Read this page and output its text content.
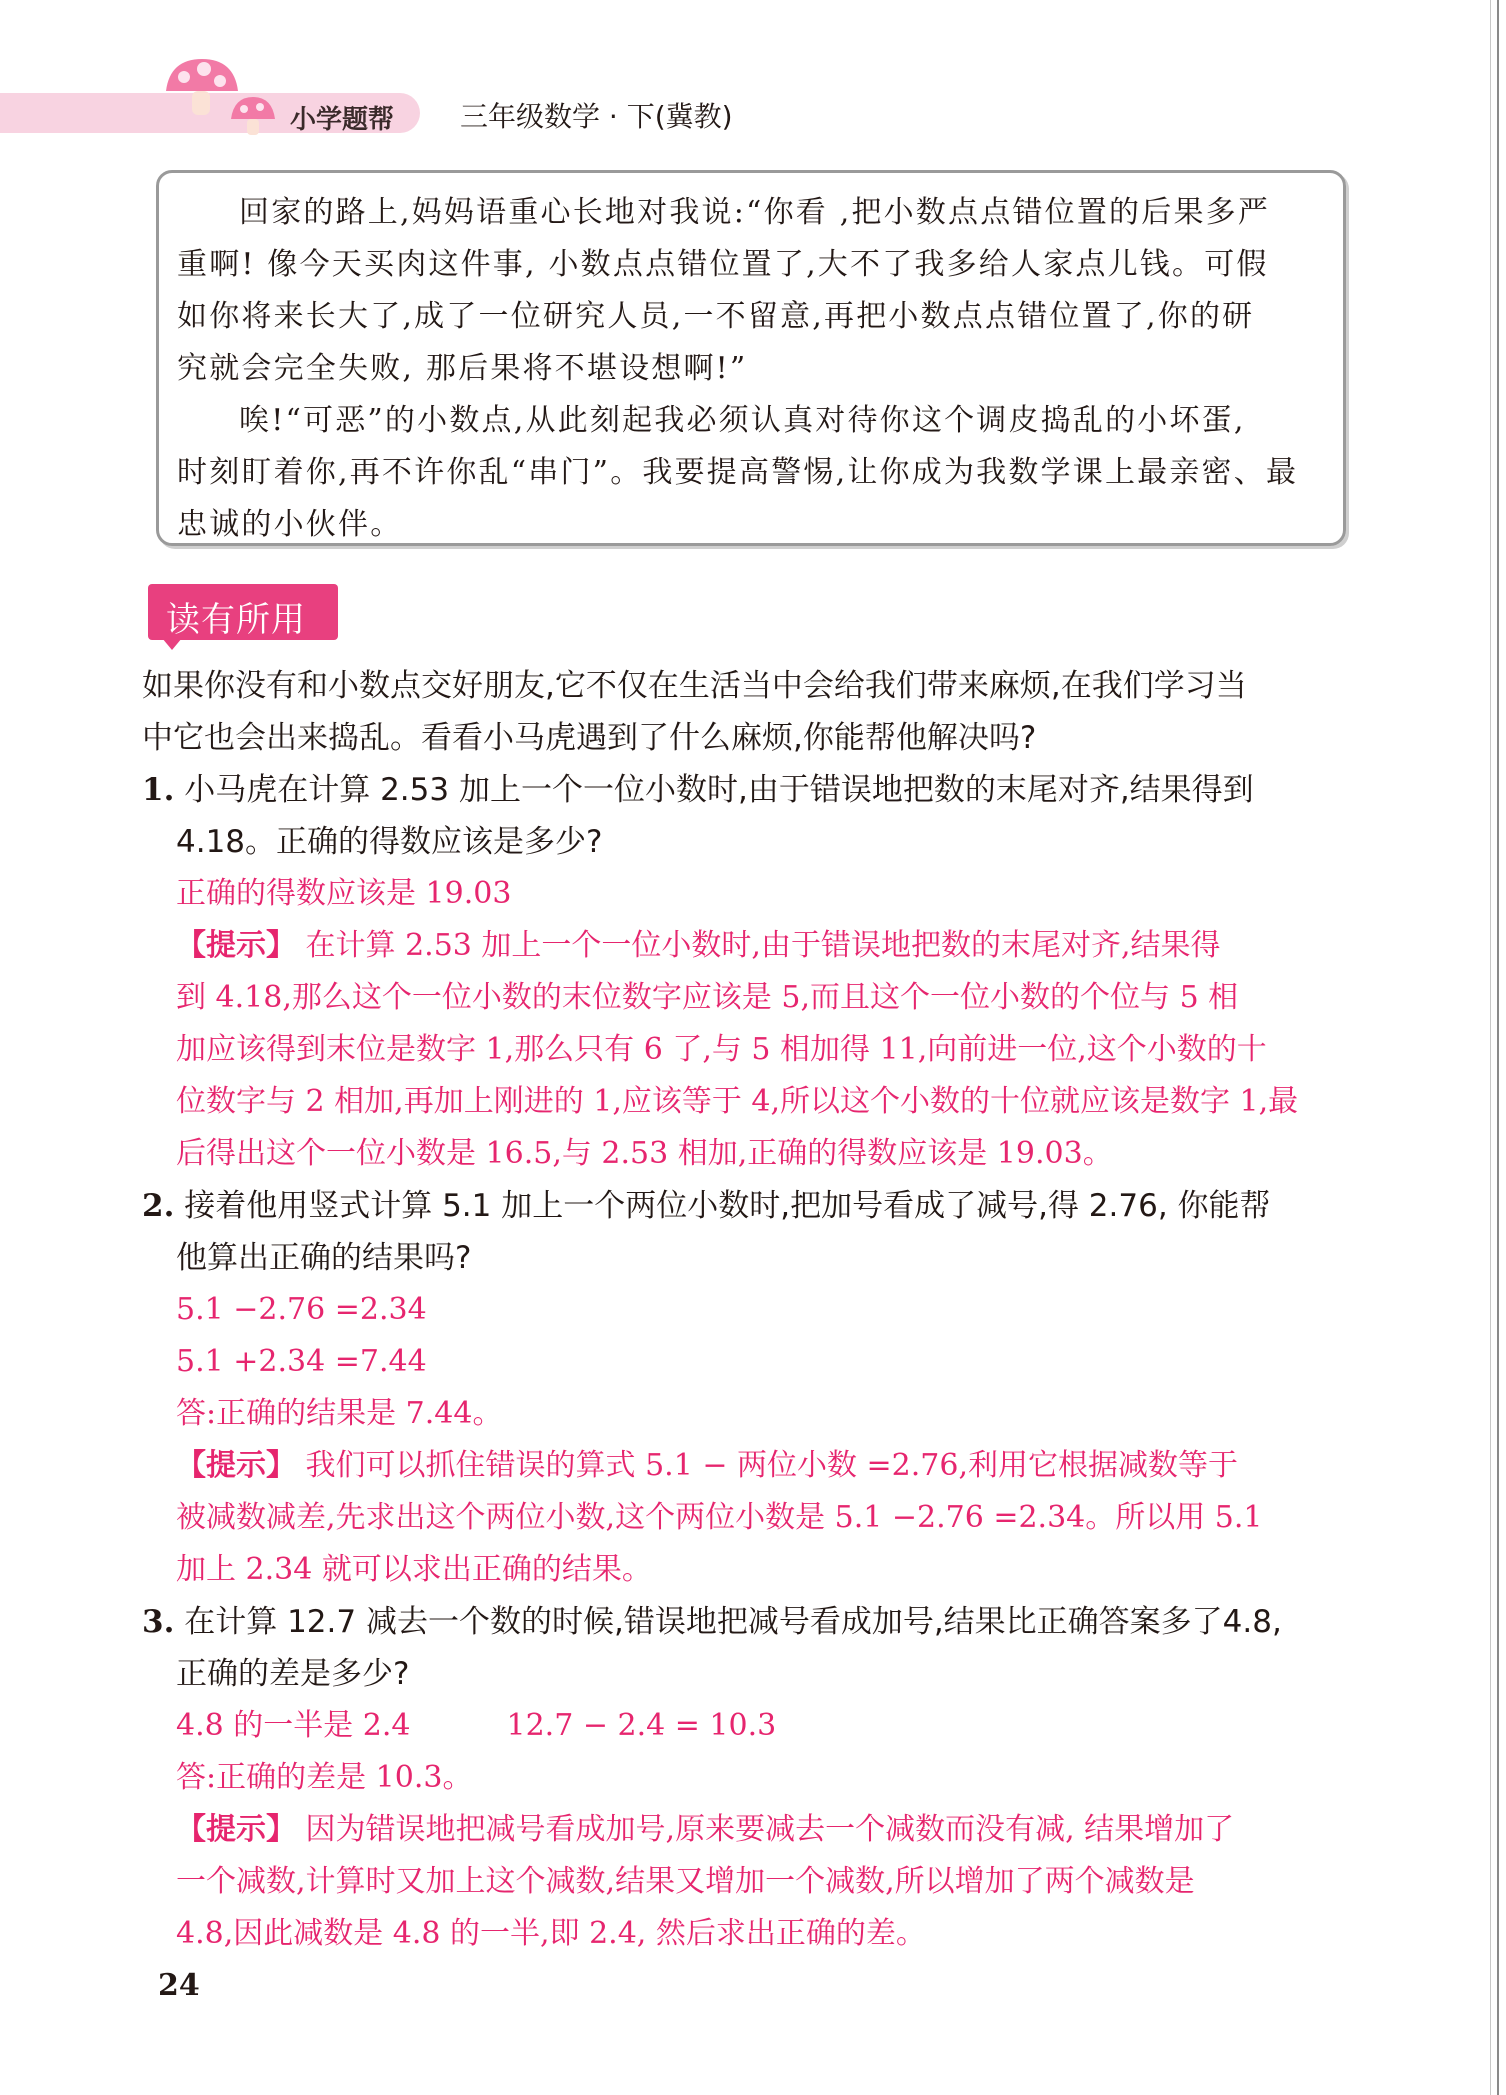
小学题帮 三年级数学 · 下(冀教)

回家的路上,妈妈语重心长地对我说:“你看 ,把小数点点错位置的后果多严

重啊! 像今天买肉这件事, 小数点点错位置了,大不了我多给人家点儿钱。可假

如你将来长大了,成了一位研究人员,一不留意,再把小数点点错位置了,你的研

究就会完全失败, 那后果将不堪设想啊!”

唉!“可恶”的小数点,从此刻起我必须认真对待你这个调皮捣乱的小坏蛋,

时刻盯着你,再不许你乱“串门”。我要提高警惕,让你成为我数学课上最亲密、最

忠诚的小伙伴。

读有所用
如果你没有和小数点交好朋友,它不仅在生活当中会给我们带来麻烦,在我们学习当
中它也会出来捣乱。看看小马虎遇到了什么麻烦,你能帮他解决吗?
1. 小马虎在计算 2.53 加上一个一位小数时,由于错误地把数的末尾对齐,结果得到
4.18。正确的得数应该是多少?
正确的得数应该是 19.03
【提示】 在计算 2.53 加上一个一位小数时,由于错误地把数的末尾对齐,结果得
到 4.18,那么这个一位小数的末位数字应该是 5,而且这个一位小数的个位与 5 相
加应该得到末位是数字 1,那么只有 6 了,与 5 相加得 11,向前进一位,这个小数的十
位数字与 2 相加,再加上刚进的 1,应该等于 4,所以这个小数的十位就应该是数字 1,最
后得出这个一位小数是 16.5,与 2.53 相加,正确的得数应该是 19.03。
2. 接着他用竖式计算 5.1 加上一个两位小数时,把加号看成了减号,得 2.76, 你能帮
他算出正确的结果吗?
5.1 −2.76 =2.34
5.1 +2.34 =7.44
答:正确的结果是 7.44。
【提示】 我们可以抓住错误的算式 5.1 − 两位小数 =2.76,利用它根据减数等于
被减数减差,先求出这个两位小数,这个两位小数是 5.1 −2.76 =2.34。所以用 5.1
加上 2.34 就可以求出正确的结果。
3. 在计算 12.7 减去一个数的时候,错误地把减号看成加号,结果比正确答案多了4.8,
正确的差是多少?
4.8 的一半是 2.4	12.7 − 2.4 = 10.3
答:正确的差是 10.3。
【提示】 因为错误地把减号看成加号,原来要减去一个减数而没有减, 结果增加了
一个减数,计算时又加上这个减数,结果又增加一个减数,所以增加了两个减数是
4.8,因此减数是 4.8 的一半,即 2.4, 然后求出正确的差。
24
